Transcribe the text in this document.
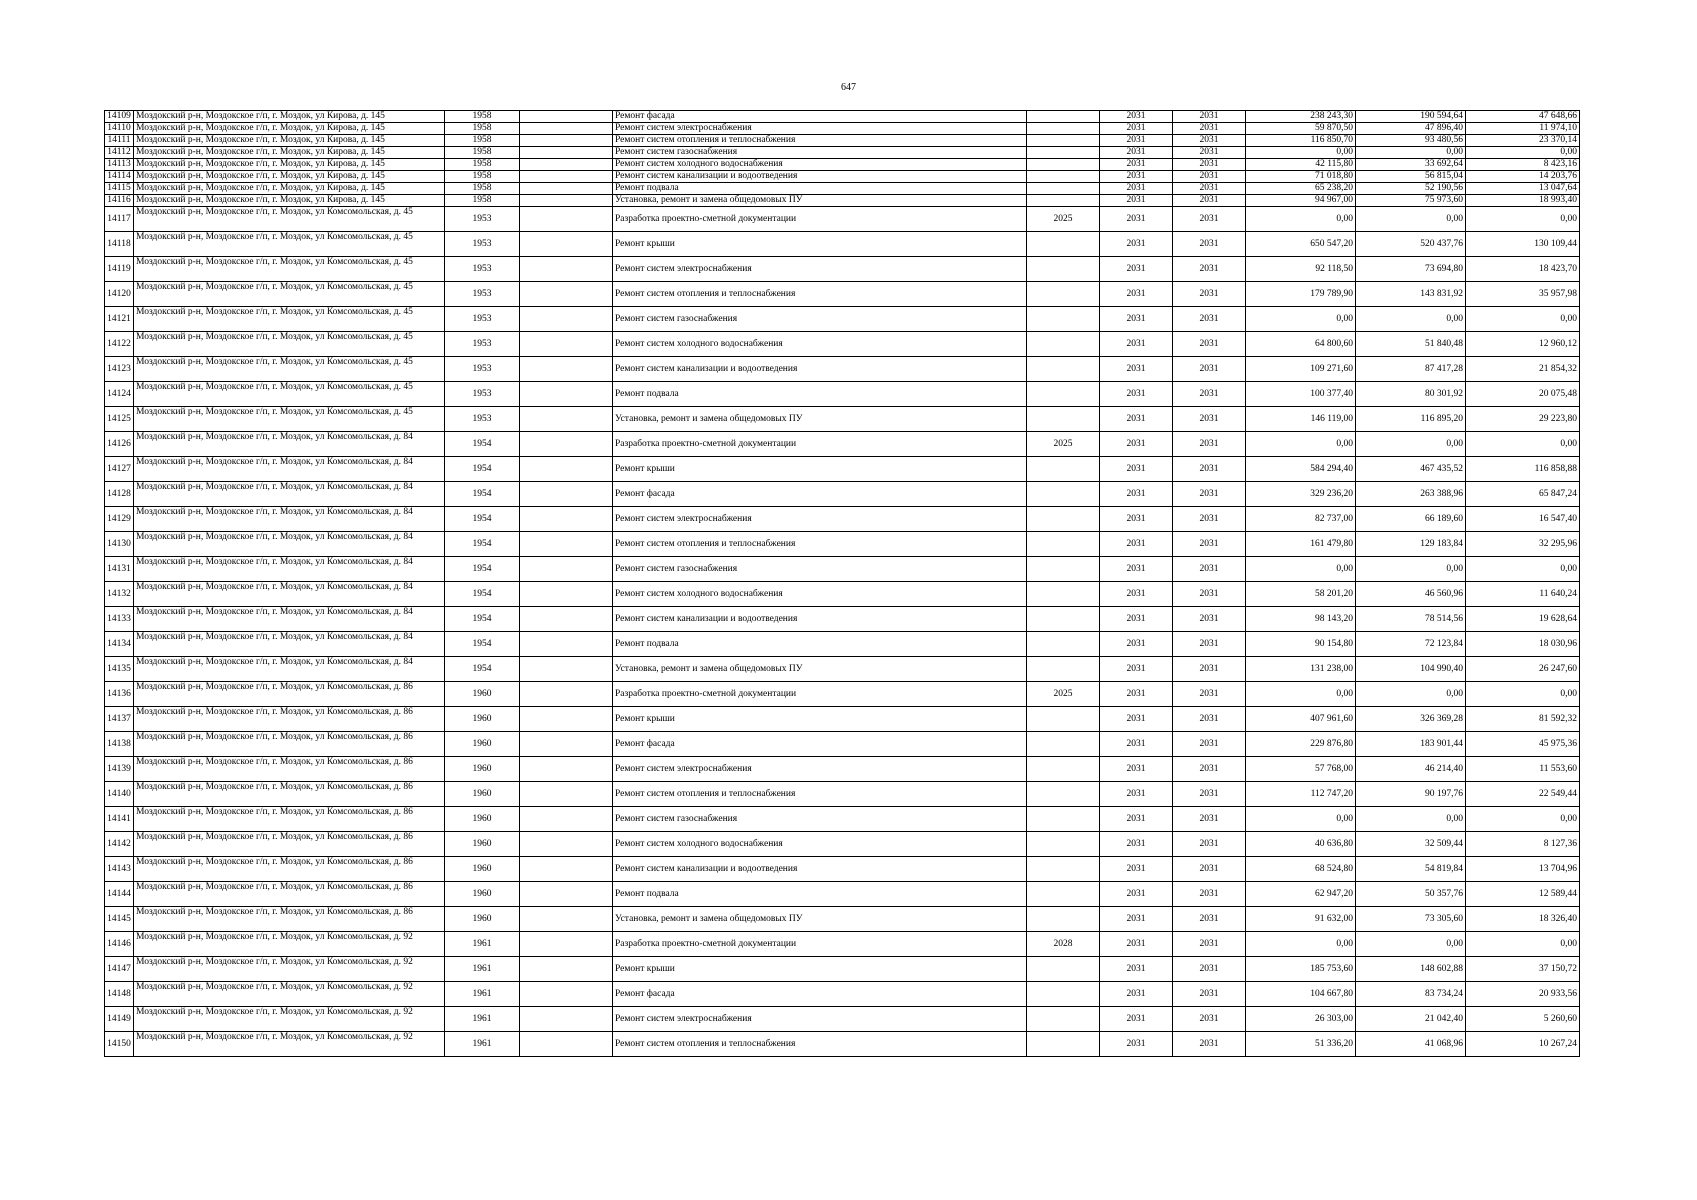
647
14109	Моздокский р-н, Моздокское г/п, г. Моздок, ул Кирова, д. 145	1958		Ремонт фасада		2031	2031	238 243,30	190 594,64	47 648,66
14110	Моздокский р-н, Моздокское г/п, г. Моздок, ул Кирова, д. 145	1958		Ремонт систем электроснабжения		2031	2031	59 870,50	47 896,40	11 974,10
14111	Моздокский р-н, Моздокское г/п, г. Моздок, ул Кирова, д. 145	1958		Ремонт систем отопления и теплоснабжения		2031	2031	116 850,70	93 480,56	23 370,14
14112	Моздокский р-н, Моздокское г/п, г. Моздок, ул Кирова, д. 145	1958		Ремонт систем газоснабжения		2031	2031	0,00	0,00	0,00
14113	Моздокский р-н, Моздокское г/п, г. Моздок, ул Кирова, д. 145	1958		Ремонт систем холодного водоснабжения		2031	2031	42 115,80	33 692,64	8 423,16
14114	Моздокский р-н, Моздокское г/п, г. Моздок, ул Кирова, д. 145	1958		Ремонт систем канализации и водоотведения		2031	2031	71 018,80	56 815,04	14 203,76
14115	Моздокский р-н, Моздокское г/п, г. Моздок, ул Кирова, д. 145	1958		Ремонт подвала		2031	2031	65 238,20	52 190,56	13 047,64
14116	Моздокский р-н, Моздокское г/п, г. Моздок, ул Кирова, д. 145	1958		Установка, ремонт и замена общедомовых ПУ		2031	2031	94 967,00	75 973,60	18 993,40
14117	Моздокский р-н, Моздокское г/п, г. Моздок, ул Комсомольская, д. 45	1953		Разработка проектно-сметной документации	2025	2031	2031	0,00	0,00	0,00
14118	Моздокский р-н, Моздокское г/п, г. Моздок, ул Комсомольская, д. 45	1953		Ремонт крыши		2031	2031	650 547,20	520 437,76	130 109,44
14119	Моздокский р-н, Моздокское г/п, г. Моздок, ул Комсомольская, д. 45	1953		Ремонт систем электроснабжения		2031	2031	92 118,50	73 694,80	18 423,70
14120	Моздокский р-н, Моздокское г/п, г. Моздок, ул Комсомольская, д. 45	1953		Ремонт систем отопления и теплоснабжения		2031	2031	179 789,90	143 831,92	35 957,98
14121	Моздокский р-н, Моздокское г/п, г. Моздок, ул Комсомольская, д. 45	1953		Ремонт систем газоснабжения		2031	2031	0,00	0,00	0,00
14122	Моздокский р-н, Моздокское г/п, г. Моздок, ул Комсомольская, д. 45	1953		Ремонт систем холодного водоснабжения		2031	2031	64 800,60	51 840,48	12 960,12
14123	Моздокский р-н, Моздокское г/п, г. Моздок, ул Комсомольская, д. 45	1953		Ремонт систем канализации и водоотведения		2031	2031	109 271,60	87 417,28	21 854,32
14124	Моздокский р-н, Моздокское г/п, г. Моздок, ул Комсомольская, д. 45	1953		Ремонт подвала		2031	2031	100 377,40	80 301,92	20 075,48
14125	Моздокский р-н, Моздокское г/п, г. Моздок, ул Комсомольская, д. 45	1953		Установка, ремонт и замена общедомовых ПУ		2031	2031	146 119,00	116 895,20	29 223,80
14126	Моздокский р-н, Моздокское г/п, г. Моздок, ул Комсомольская, д. 84	1954		Разработка проектно-сметной документации	2025	2031	2031	0,00	0,00	0,00
14127	Моздокский р-н, Моздокское г/п, г. Моздок, ул Комсомольская, д. 84	1954		Ремонт крыши		2031	2031	584 294,40	467 435,52	116 858,88
14128	Моздокский р-н, Моздокское г/п, г. Моздок, ул Комсомольская, д. 84	1954		Ремонт фасада		2031	2031	329 236,20	263 388,96	65 847,24
14129	Моздокский р-н, Моздокское г/п, г. Моздок, ул Комсомольская, д. 84	1954		Ремонт систем электроснабжения		2031	2031	82 737,00	66 189,60	16 547,40
14130	Моздокский р-н, Моздокское г/п, г. Моздок, ул Комсомольская, д. 84	1954		Ремонт систем отопления и теплоснабжения		2031	2031	161 479,80	129 183,84	32 295,96
14131	Моздокский р-н, Моздокское г/п, г. Моздок, ул Комсомольская, д. 84	1954		Ремонт систем газоснабжения		2031	2031	0,00	0,00	0,00
14132	Моздокский р-н, Моздокское г/п, г. Моздок, ул Комсомольская, д. 84	1954		Ремонт систем холодного водоснабжения		2031	2031	58 201,20	46 560,96	11 640,24
14133	Моздокский р-н, Моздокское г/п, г. Моздок, ул Комсомольская, д. 84	1954		Ремонт систем канализации и водоотведения		2031	2031	98 143,20	78 514,56	19 628,64
14134	Моздокский р-н, Моздокское г/п, г. Моздок, ул Комсомольская, д. 84	1954		Ремонт подвала		2031	2031	90 154,80	72 123,84	18 030,96
14135	Моздокский р-н, Моздокское г/п, г. Моздок, ул Комсомольская, д. 84	1954		Установка, ремонт и замена общедомовых ПУ		2031	2031	131 238,00	104 990,40	26 247,60
14136	Моздокский р-н, Моздокское г/п, г. Моздок, ул Комсомольская, д. 86	1960		Разработка проектно-сметной документации	2025	2031	2031	0,00	0,00	0,00
14137	Моздокский р-н, Моздокское г/п, г. Моздок, ул Комсомольская, д. 86	1960		Ремонт крыши		2031	2031	407 961,60	326 369,28	81 592,32
14138	Моздокский р-н, Моздокское г/п, г. Моздок, ул Комсомольская, д. 86	1960		Ремонт фасада		2031	2031	229 876,80	183 901,44	45 975,36
14139	Моздокский р-н, Моздокское г/п, г. Моздок, ул Комсомольская, д. 86	1960		Ремонт систем электроснабжения		2031	2031	57 768,00	46 214,40	11 553,60
14140	Моздокский р-н, Моздокское г/п, г. Моздок, ул Комсомольская, д. 86	1960		Ремонт систем отопления и теплоснабжения		2031	2031	112 747,20	90 197,76	22 549,44
14141	Моздокский р-н, Моздокское г/п, г. Моздок, ул Комсомольская, д. 86	1960		Ремонт систем газоснабжения		2031	2031	0,00	0,00	0,00
14142	Моздокский р-н, Моздокское г/п, г. Моздок, ул Комсомольская, д. 86	1960		Ремонт систем холодного водоснабжения		2031	2031	40 636,80	32 509,44	8 127,36
14143	Моздокский р-н, Моздокское г/п, г. Моздок, ул Комсомольская, д. 86	1960		Ремонт систем канализации и водоотведения		2031	2031	68 524,80	54 819,84	13 704,96
14144	Моздокский р-н, Моздокское г/п, г. Моздок, ул Комсомольская, д. 86	1960		Ремонт подвала		2031	2031	62 947,20	50 357,76	12 589,44
14145	Моздокский р-н, Моздокское г/п, г. Моздок, ул Комсомольская, д. 86	1960		Установка, ремонт и замена общедомовых ПУ		2031	2031	91 632,00	73 305,60	18 326,40
14146	Моздокский р-н, Моздокское г/п, г. Моздок, ул Комсомольская, д. 92	1961		Разработка проектно-сметной документации	2028	2031	2031	0,00	0,00	0,00
14147	Моздокский р-н, Моздокское г/п, г. Моздок, ул Комсомольская, д. 92	1961		Ремонт крыши		2031	2031	185 753,60	148 602,88	37 150,72
14148	Моздокский р-н, Моздокское г/п, г. Моздок, ул Комсомольская, д. 92	1961		Ремонт фасада		2031	2031	104 667,80	83 734,24	20 933,56
14149	Моздокский р-н, Моздокское г/п, г. Моздок, ул Комсомольская, д. 92	1961		Ремонт систем электроснабжения		2031	2031	26 303,00	21 042,40	5 260,60
14150	Моздокский р-н, Моздокское г/п, г. Моздок, ул Комсомольская, д. 92	1961		Ремонт систем отопления и теплоснабжения		2031	2031	51 336,20	41 068,96	10 267,24
